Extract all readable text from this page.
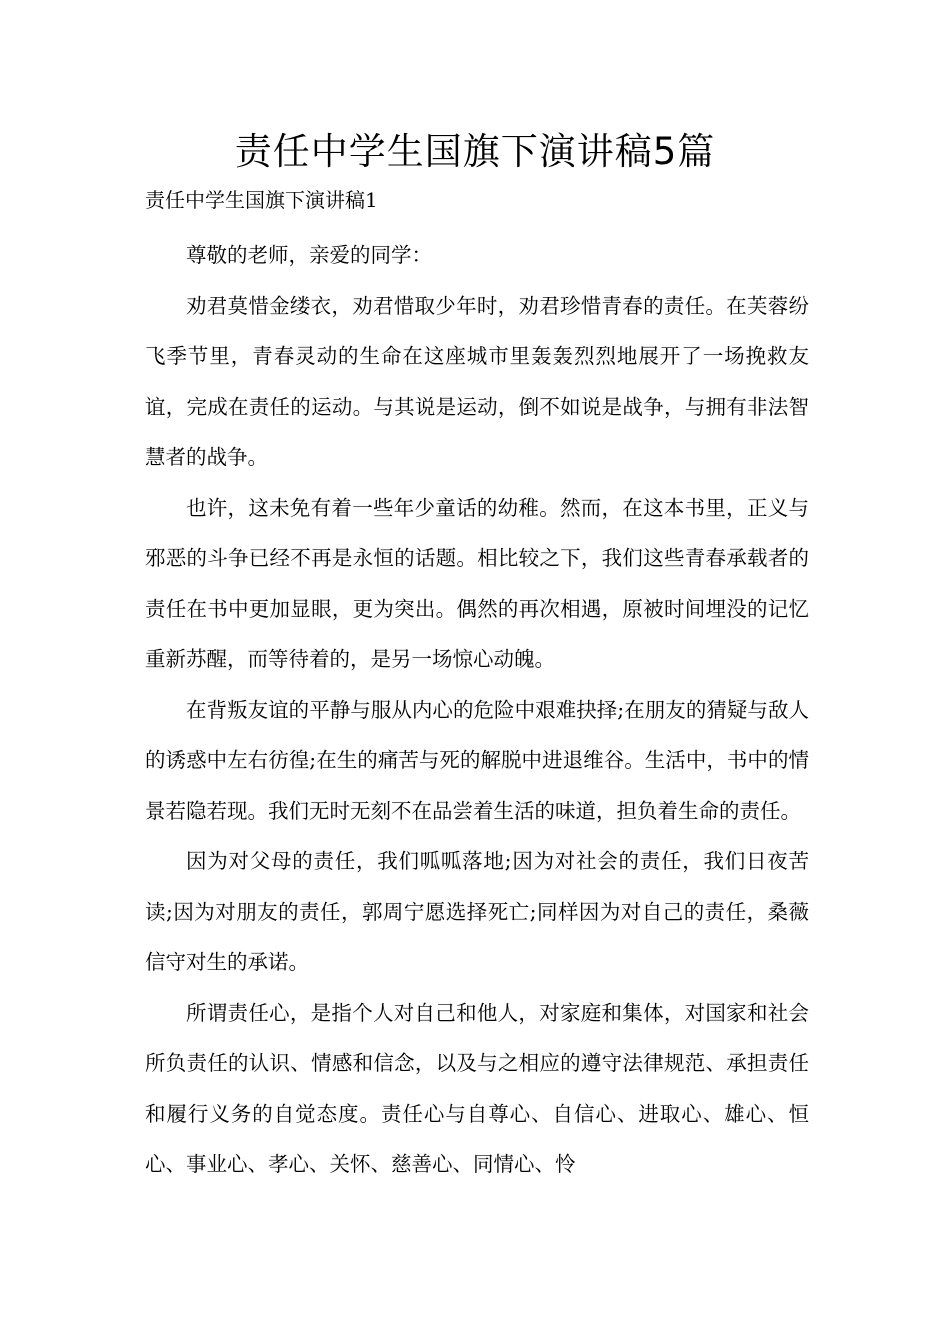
责任中学生国旗下演讲稿5篇
责任中学生国旗下演讲稿1

尊敬的老师，亲爱的同学：

劝君莫惜金缕衣，劝君惜取少年时，劝君珍惜青春的责任。在芙蓉纷飞季节里，青春灵动的生命在这座城市里轰轰烈烈地展开了一场挽救友谊，完成在责任的运动。与其说是运动，倒不如说是战争，与拥有非法智慧者的战争。

也许，这未免有着一些年少童话的幼稚。然而，在这本书里，正义与邪恶的斗争已经不再是永恒的话题。相比较之下，我们这些青春承载者的责任在书中更加显眼，更为突出。偶然的再次相遇，原被时间埋没的记忆重新苏醒，而等待着的，是另一场惊心动魄。

在背叛友谊的平静与服从内心的危险中艰难抉择;在朋友的猜疑与敌人的诱惑中左右彷徨;在生的痛苦与死的解脱中进退维谷。生活中，书中的情景若隐若现。我们无时无刻不在品尝着生活的味道，担负着生命的责任。

因为对父母的责任，我们呱呱落地;因为对社会的责任，我们日夜苦读;因为对朋友的责任，郭周宁愿选择死亡;同样因为对自己的责任，桑薇信守对生的承诺。

所谓责任心，是指个人对自己和他人，对家庭和集体，对国家和社会所负责任的认识、情感和信念，以及与之相应的遵守法律规范、承担责任和履行义务的自觉态度。责任心与自尊心、自信心、进取心、雄心、恒心、事业心、孝心、关怀、慈善心、同情心、怜
